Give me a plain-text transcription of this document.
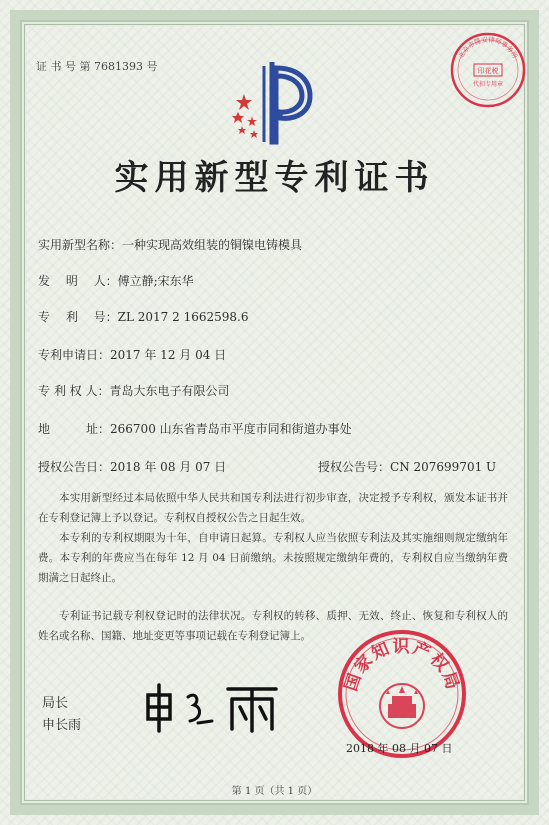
证 书 号 第 7681393 号	印花税
代扣专用章
北京市隆安律师事务所
实用新型专利证书
实用新型名称：一种实现高效组装的铜镍电铸模具
发　 明　 人：傅立静;宋东华
专　 利　 号：ZL 2017 2 1662598.6
专利申请日：2017 年 12 月 04 日
专 利 权 人：青岛大东电子有限公司
地　　　址：266700 山东省青岛市平度市同和街道办事处
授权公告日：2018 年 08 月 07 日	授权公告号：CN 207699701 U

本实用新型经过本局依照中华人民共和国专利法进行初步审查，决定授予专利权，颁发本证书并在专利登记簿上予以登记。专利权自授权公告之日起生效。

本专利的专利权期限为十年，自申请日起算。专利权人应当依照专利法及其实施细则规定缴纳年费。本专利的年费应当在每年 12 月 04 日前缴纳。未按照规定缴纳年费的，专利权自应当缴纳年费期满之日起终止。

专利证书记载专利权登记时的法律状况。专利权的转移、质押、无效、终止、恢复和专利权人的姓名或名称、国籍、地址变更等事项记载在专利登记簿上。

局长
申长雨
国家知识产权局
2018 年 08 月 07 日
第 1 页（共 1 页）
